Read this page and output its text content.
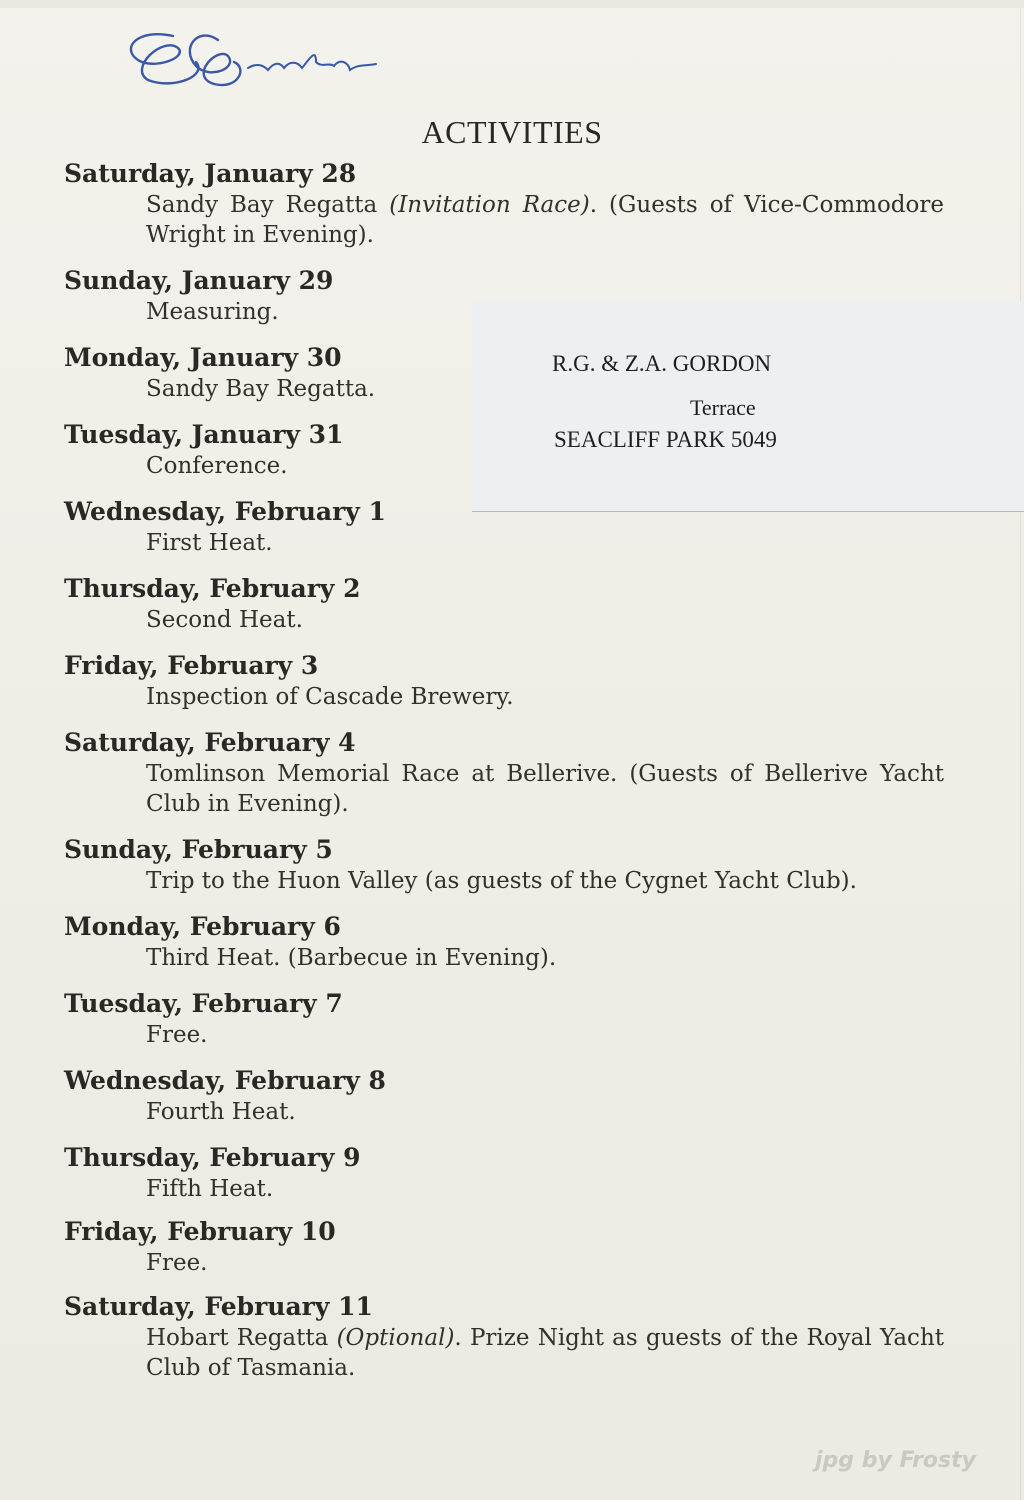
ACTIVITIES
Saturday, January 28
Sandy Bay Regatta (Invitation Race). (Guests of Vice-Commodore Wright in Evening).
Sunday, January 29
Measuring.
Monday, January 30
Sandy Bay Regatta.
Tuesday, January 31
Conference.
Wednesday, February 1
First Heat.
Thursday, February 2
Second Heat.
Friday, February 3
Inspection of Cascade Brewery.
Saturday, February 4
Tomlinson Memorial Race at Bellerive. (Guests of Bellerive Yacht Club in Evening).
Sunday, February 5
Trip to the Huon Valley (as guests of the Cygnet Yacht Club).
Monday, February 6
Third Heat. (Barbecue in Evening).
Tuesday, February 7
Free.
Wednesday, February 8
Fourth Heat.
Thursday, February 9
Fifth Heat.
Friday, February 10
Free.
Saturday, February 11
Hobart Regatta (Optional). Prize Night as guests of the Royal Yacht Club of Tasmania.
R.G. & Z.A. GORDON
Terrace
SEACLIFF PARK 5049
jpg by Frosty
